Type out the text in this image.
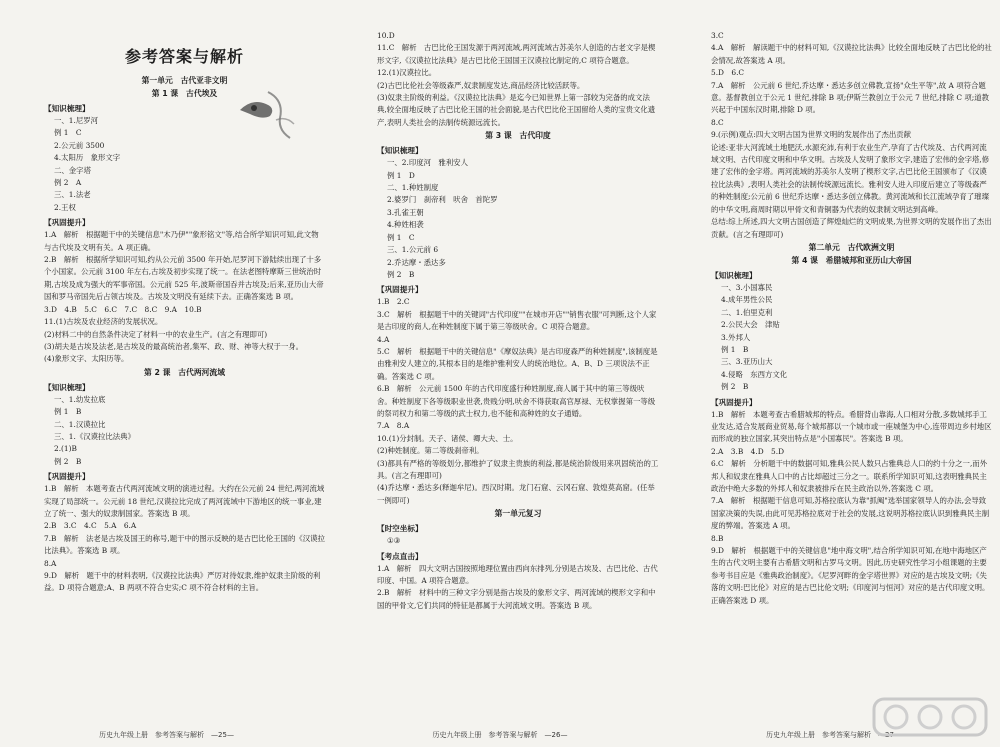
参考答案与解析
第一单元　古代亚非文明
第 1 课　古代埃及
【知识梳理】
一、1.尼罗河
例 1　C
2.公元前 3500
4.太阳历　象形文字
二、金字塔
例 2　A
三、1.法老
2.王权
【巩固提升】
1.A　解析　根据题干中的关键信息"木乃伊""象形铭文"等,结合所学知识可知,此文物与古代埃及文明有关。A 项正确。
2.B　解析　根据所学知识可知,约从公元前 3500 年开始,尼罗河下游陆续出现了十多个小国家。公元前 3100 年左右,古埃及初步实现了统一。在法老图特摩斯三世统治时期,古埃及成为强大的军事帝国。公元前 525 年,波斯帝国吞并古埃及;后来,亚历山大帝国和罗马帝国先后占领古埃及。古埃及文明没有延续下去。正确答案选 B 项。
3.D　4.B　5.C　6.C　7.C　8.C　9.A　10.B
11.(1)古埃及农业经济的发展状况。
(2)材料二中的自然条件决定了材料一中的农业生产。(言之有理即可)
(3)胡夫是古埃及法老,是古埃及的最高统治者,集军、政、财、神等大权于一身。
(4)象形文字、太阳历等。
第 2 课　古代两河流域
【知识梳理】
一、1.幼发拉底
例 1　B
二、1.汉谟拉比
三、1.《汉谟拉比法典》
2.(1)B
例 2　B
【巩固提升】
1.B　解析　本题考查古代两河流域文明的演进过程。大约在公元前 24 世纪,两河流域实现了局部统一。公元前 18 世纪,汉谟拉比完成了两河流域中下游地区的统一事业,建立了统一、强大的奴隶制国家。答案选 B 项。
2.B　3.C　4.C　5.A　6.A
7.B　解析　法老是古埃及国王的称号,题干中的图示反映的是古巴比伦王国的《汉谟拉比法典》。答案选 B 项。
8.A
9.D　解析　题干中的材料表明,《汉谟拉比法典》严厉对待奴隶,维护奴隶主阶级的利益。D 项符合题意;A、B 两项不符合史实;C 项不符合材料的主旨。
历史九年级上册　参考答案与解析　—25—
10.D
11.C　解析　古巴比伦王国发源于两河流域,两河流域古苏美尔人创造的古老文字是楔形文字,《汉谟拉比法典》是古巴比伦王国国王汉谟拉比制定的,C 项符合题意。
12.(1)汉谟拉比。
(2)古巴比伦社会等级森严,奴隶制度发达,商品经济比较活跃等。
(3)奴隶主阶级的利益。《汉谟拉比法典》是迄今已知世界上第一部较为完备的成文法典,较全面地反映了古巴比伦王国的社会面貌,是古代巴比伦王国留给人类的宝贵文化遗产,表明人类社会的法制传统源远流长。
第 3 课　古代印度
【知识梳理】
一、2.印度河　雅利安人
例 1　D
二、1.种姓制度
2.婆罗门　刹帝利　吠舍　首陀罗
3.孔雀王朝
4.种姓相袭
例 1　C
三、1.公元前 6
2.乔达摩・悉达多
例 2　B
【巩固提升】
1.B　2.C
3.C　解析　根据题干中的关键词"古代印度""在城市开店""销售衣服"可判断,这个人家是古印度的商人,在种姓制度下属于第三等级吠舍。C 项符合题意。
4.A
5.C　解析　根据题干中的关键信息"《摩奴法典》是古印度森严的种姓制度",该制度是由雅利安人建立的,其根本目的是维护雅利安人的统治地位。A、B、D 三项说法不正确。答案选 C 项。
6.B　解析　公元前 1500 年的古代印度盛行种姓制度,商人属于其中的第三等级吠舍。种姓制度下各等级职业世袭,贵贱分明,吠舍不得获取高官厚禄、无权掌握第一等级的祭司权力和第二等级的武士权力,也不能和高种姓的女子通婚。
7.A　8.A
10.(1)分封制。天子、诸侯、卿大夫、士。
(2)种姓制度。第二等级刹帝利。
(3)都具有严格的等级划分,都维护了奴隶主贵族的利益,都是统治阶级用来巩固统治的工具。(言之有理即可)
(4)乔达摩・悉达多(释迦牟尼)。西汉时期。龙门石窟、云冈石窟、敦煌莫高窟。(任举一例即可)
第一单元复习
【时空坐标】
①③
【考点直击】
1.A　解析　四大文明古国按照地理位置由西向东排列,分别是古埃及、古巴比伦、古代印度、中国。A 项符合题意。
2.B　解析　材料中的三种文字分别是指古埃及的象形文字、两河流域的楔形文字和中国的甲骨文,它们共同的特征是都属于大河流域文明。答案选 B 项。
历史九年级上册　参考答案与解析　—26—
3.C
4.A　解析　解读题干中的材料可知,《汉谟拉比法典》比较全面地反映了古巴比伦的社会情况,故答案选 A 项。
5.D　6.C
7.A　解析　公元前 6 世纪,乔达摩・悉达多创立佛教,宣扬"众生平等",故 A 项符合题意。基督教创立于公元 1 世纪,排除 B 项;伊斯兰教创立于公元 7 世纪,排除 C 项;道教兴起于中国东汉时期,排除 D 项。
8.C
9.(示例)观点:四大文明古国为世界文明的发展作出了杰出贡献
论述:亚非大河流域土地肥沃,水源充沛,有利于农业生产,孕育了古代埃及、古代两河流域文明、古代印度文明和中华文明。古埃及人发明了象形文字,建造了宏伟的金字塔,修建了宏伟的金字塔。两河流域的苏美尔人发明了楔形文字,古巴比伦王国颁布了《汉谟拉比法典》,表明人类社会的法制传统源远流长。雅利安人进入印度后建立了等级森严的种姓制度;公元前 6 世纪乔达摩・悉达多创立佛教。黄河流域和长江流域孕育了璀璨的中华文明,商周时期以甲骨文和青铜器为代表的奴隶制文明达到高峰。
总结:综上所述,四大文明古国创造了辉煌灿烂的文明成果,为世界文明的发展作出了杰出贡献。(言之有理即可)
第二单元　古代欧洲文明
第 4 课　希腊城邦和亚历山大帝国
【知识梳理】
一、3.小国寡民
4.成年男性公民
二、1.伯里克利
2.公民大会　津贴
3.外邦人
例 1　B
三、3.亚历山大
4.侵略　东西方文化
例 2　B
【巩固提升】
1.B　解析　本题考查古希腊城邦的特点。希腊背山靠海,人口相对分散,多数城邦手工业发达,适合发展商业贸易,每个城邦都以一个城市或一座城堡为中心,连带周边乡村地区而形成的独立国家,其突出特点是"小国寡民"。答案选 B 项。
2.A　3.B　4.D　5.D
6.C　解析　分析题干中的数据可知,雅典公民人数只占雅典总人口的约十分之一,而外邦人和奴隶在雅典人口中的占比却超过三分之一。联系所学知识可知,这表明雅典民主政治中绝大多数的外邦人和奴隶被排斥在民主政治以外,答案选 C 项。
7.A　解析　根据题干信息可知,苏格拉底认为靠"抓阄"选举国家领导人的办法,会导致国家决策的失误,由此可见苏格拉底对于社会的发展,这说明苏格拉底认识到雅典民主制度的弊端。答案选 A 项。
8.B
9.D　解析　根据题干中的关键信息"地中海文明",结合所学知识可知,在地中海地区产生的古代文明主要有古希腊文明和古罗马文明。因此,历史研究性学习小组课题的主要参考书目应是《雅典政治制度》。《尼罗河畔的金字塔世界》对应的是古埃及文明;《失落的文明:巴比伦》对应的是古巴比伦文明;《印度河与恒河》对应的是古代印度文明。正确答案选 D 项。
历史九年级上册　参考答案与解析　—27—
